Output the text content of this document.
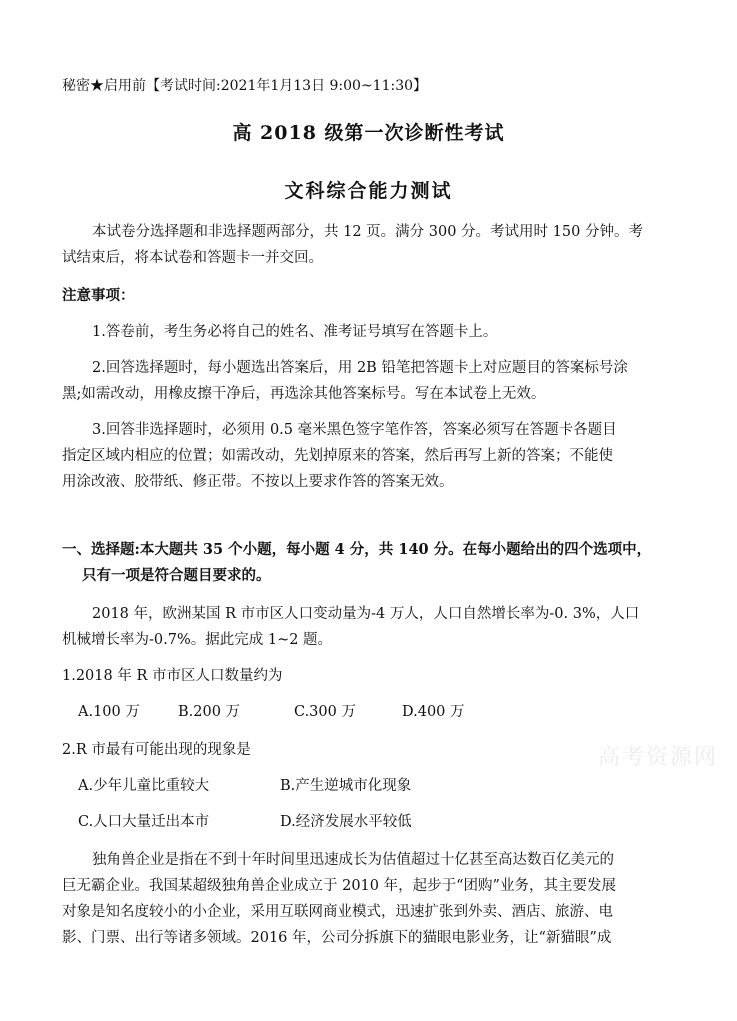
秘密★启用前【考试时间:2021年1月13日 9:00~11:30】
高 2018 级第一次诊断性考试
文科综合能力测试
本试卷分选择题和非选择题两部分，共 12 页。满分 300 分。考试用时 150 分钟。考
试结束后，将本试卷和答题卡一并交回。
注意事项：
1.答卷前，考生务必将自己的姓名、准考证号填写在答题卡上。
2.回答选择题时，每小题选出答案后，用 2B 铅笔把答题卡上对应题目的答案标号涂
黑;如需改动，用橡皮擦干净后，再选涂其他答案标号。写在本试卷上无效。
3.回答非选择题时，必须用 0.5 毫米黑色签字笔作答，答案必须写在答题卡各题目
指定区域内相应的位置；如需改动，先划掉原来的答案，然后再写上新的答案；不能使
用涂改液、胶带纸、修正带。不按以上要求作答的答案无效。
一、选择题:本大题共 35 个小题，每小题 4 分，共 140 分。在每小题给出的四个选项中，
只有一项是符合题目要求的。
2018 年，欧洲某国 R 市市区人口变动量为-4 万人，人口自然增长率为-0. 3%，人口
机械增长率为-0.7%。据此完成 1~2 题。
1.2018 年 R 市市区人口数量约为
A.100 万	B.200 万	C.300 万	D.400 万
2.R 市最有可能出现的现象是
A.少年儿童比重较大	B.产生逆城市化现象
C.人口大量迁出本市	D.经济发展水平较低
独角兽企业是指在不到十年时间里迅速成长为估值超过十亿甚至高达数百亿美元的
巨无霸企业。我国某超级独角兽企业成立于 2010 年，起步于“团购”业务，其主要发展
对象是知名度较小的小企业，采用互联网商业模式，迅速扩张到外卖、酒店、旅游、电
影、门票、出行等诸多领域。2016 年，公司分拆旗下的猫眼电影业务，让“新猫眼”成
高考资源网
